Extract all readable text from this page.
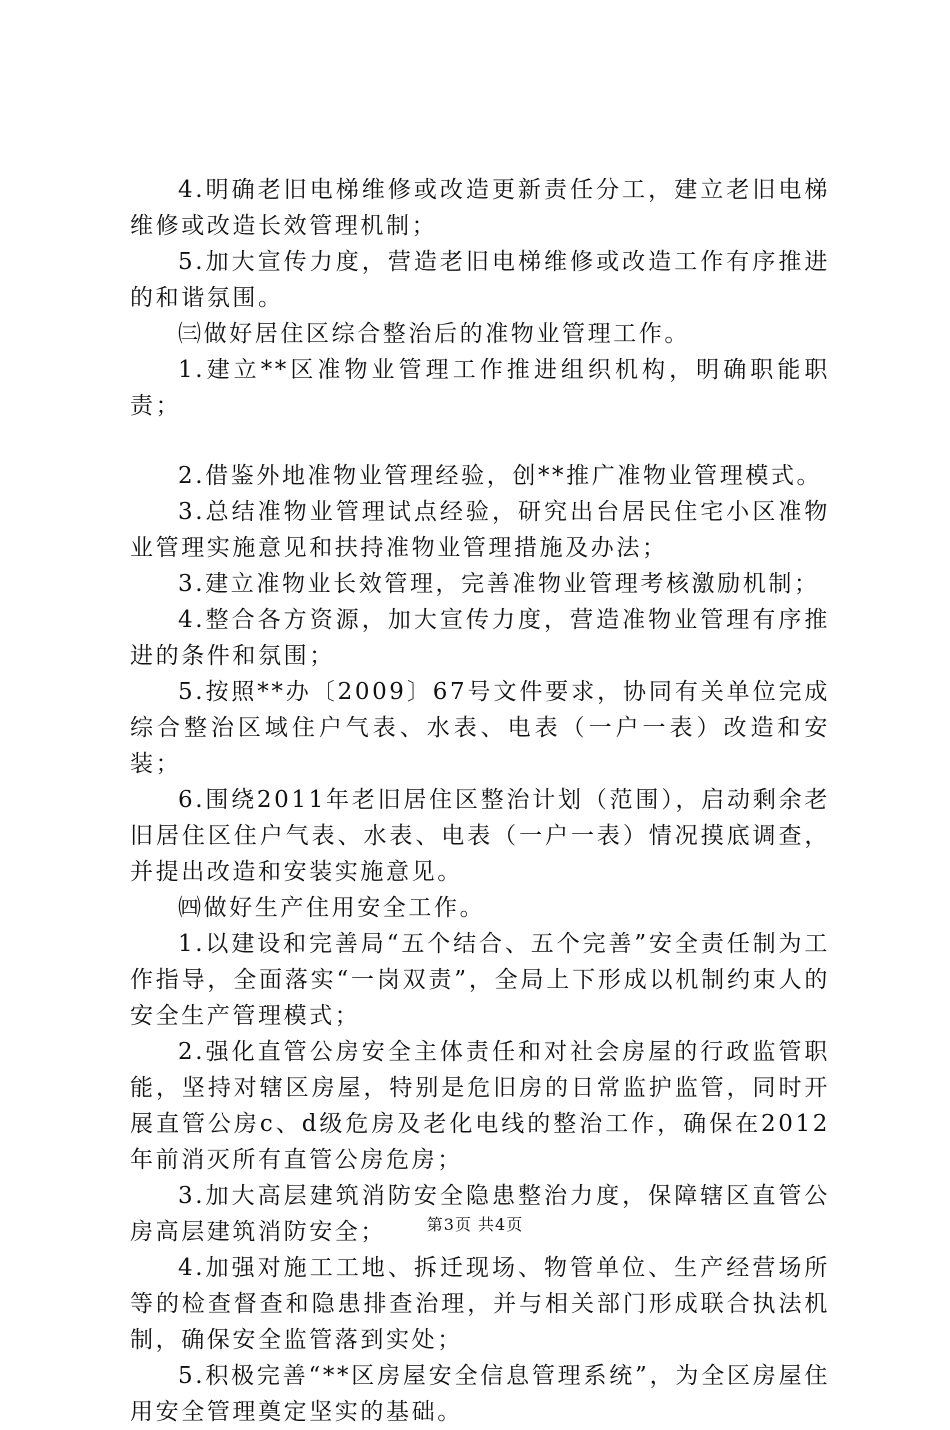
4.明确老旧电梯维修或改造更新责任分工，建立老旧电梯维修或改造长效管理机制；

5.加大宣传力度，营造老旧电梯维修或改造工作有序推进的和谐氛围。

㈢做好居住区综合整治后的准物业管理工作。

1.建立**区准物业管理工作推进组织机构，明确职能职责；

2.借鉴外地准物业管理经验，创**推广准物业管理模式。

3.总结准物业管理试点经验，研究出台居民住宅小区准物业管理实施意见和扶持准物业管理措施及办法；

3.建立准物业长效管理，完善准物业管理考核激励机制；

4.整合各方资源，加大宣传力度，营造准物业管理有序推进的条件和氛围；

5.按照**办〔2009〕67号文件要求，协同有关单位完成综合整治区域住户气表、水表、电表（一户一表）改造和安装；

6.围绕2011年老旧居住区整治计划（范围），启动剩余老旧居住区住户气表、水表、电表（一户一表）情况摸底调查，并提出改造和安装实施意见。

㈣做好生产住用安全工作。

1.以建设和完善局“五个结合、五个完善”安全责任制为工作指导，全面落实“一岗双责”，全局上下形成以机制约束人的安全生产管理模式；

2.强化直管公房安全主体责任和对社会房屋的行政监管职能，坚持对辖区房屋，特别是危旧房的日常监护监管，同时开展直管公房c、d级危房及老化电线的整治工作，确保在2012年前消灭所有直管公房危房；

3.加大高层建筑消防安全隐患整治力度，保障辖区直管公房高层建筑消防安全；

4.加强对施工工地、拆迁现场、物管单位、生产经营场所等的检查督查和隐患排查治理，并与相关部门形成联合执法机制，确保安全监管落到实处；

5.积极完善“**区房屋安全信息管理系统”，为全区房屋住用安全管理奠定坚实的基础。

第3页 共4页
